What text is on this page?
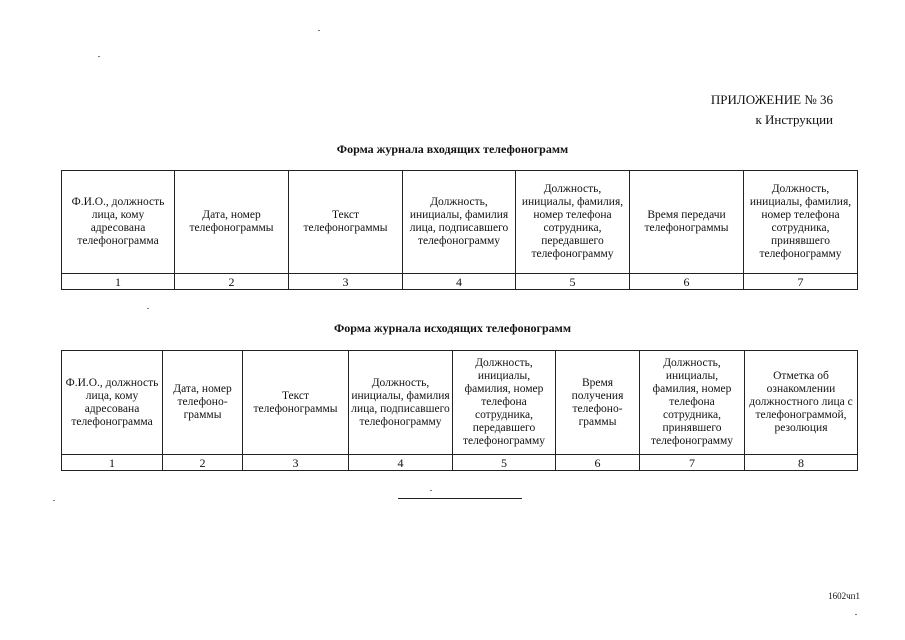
ПРИЛОЖЕНИЕ № 36
к Инструкции
Форма журнала входящих телефонограмм
Ф.И.О., должность лица, кому адресована телефонограмма	Дата, номер телефонограммы	Текст телефонограммы	Должность, инициалы, фамилия лица, подписавшего телефонограмму	Должность, инициалы, фамилия, номер телефона сотрудника, передавшего телефонограмму	Время передачи телефонограммы	Должность, инициалы, фамилия, номер телефона сотрудника, принявшего телефонограмму
1	2	3	4	5	6	7
Форма журнала исходящих телефонограмм
Ф.И.О., должность лица, кому адресована телефонограмма	Дата, номер телефоно-граммы	Текст телефонограммы	Должность, инициалы, фамилия лица, подписавшего телефонограмму	Должность, инициалы, фамилия, номер телефона сотрудника, передавшего телефонограмму	Время получения телефоно-граммы	Должность, инициалы, фамилия, номер телефона сотрудника, принявшего телефонограмму	Отметка об ознакомлении должностного лица с телефонограммой, резолюция
1	2	3	4	5	6	7	8
1602чп1
